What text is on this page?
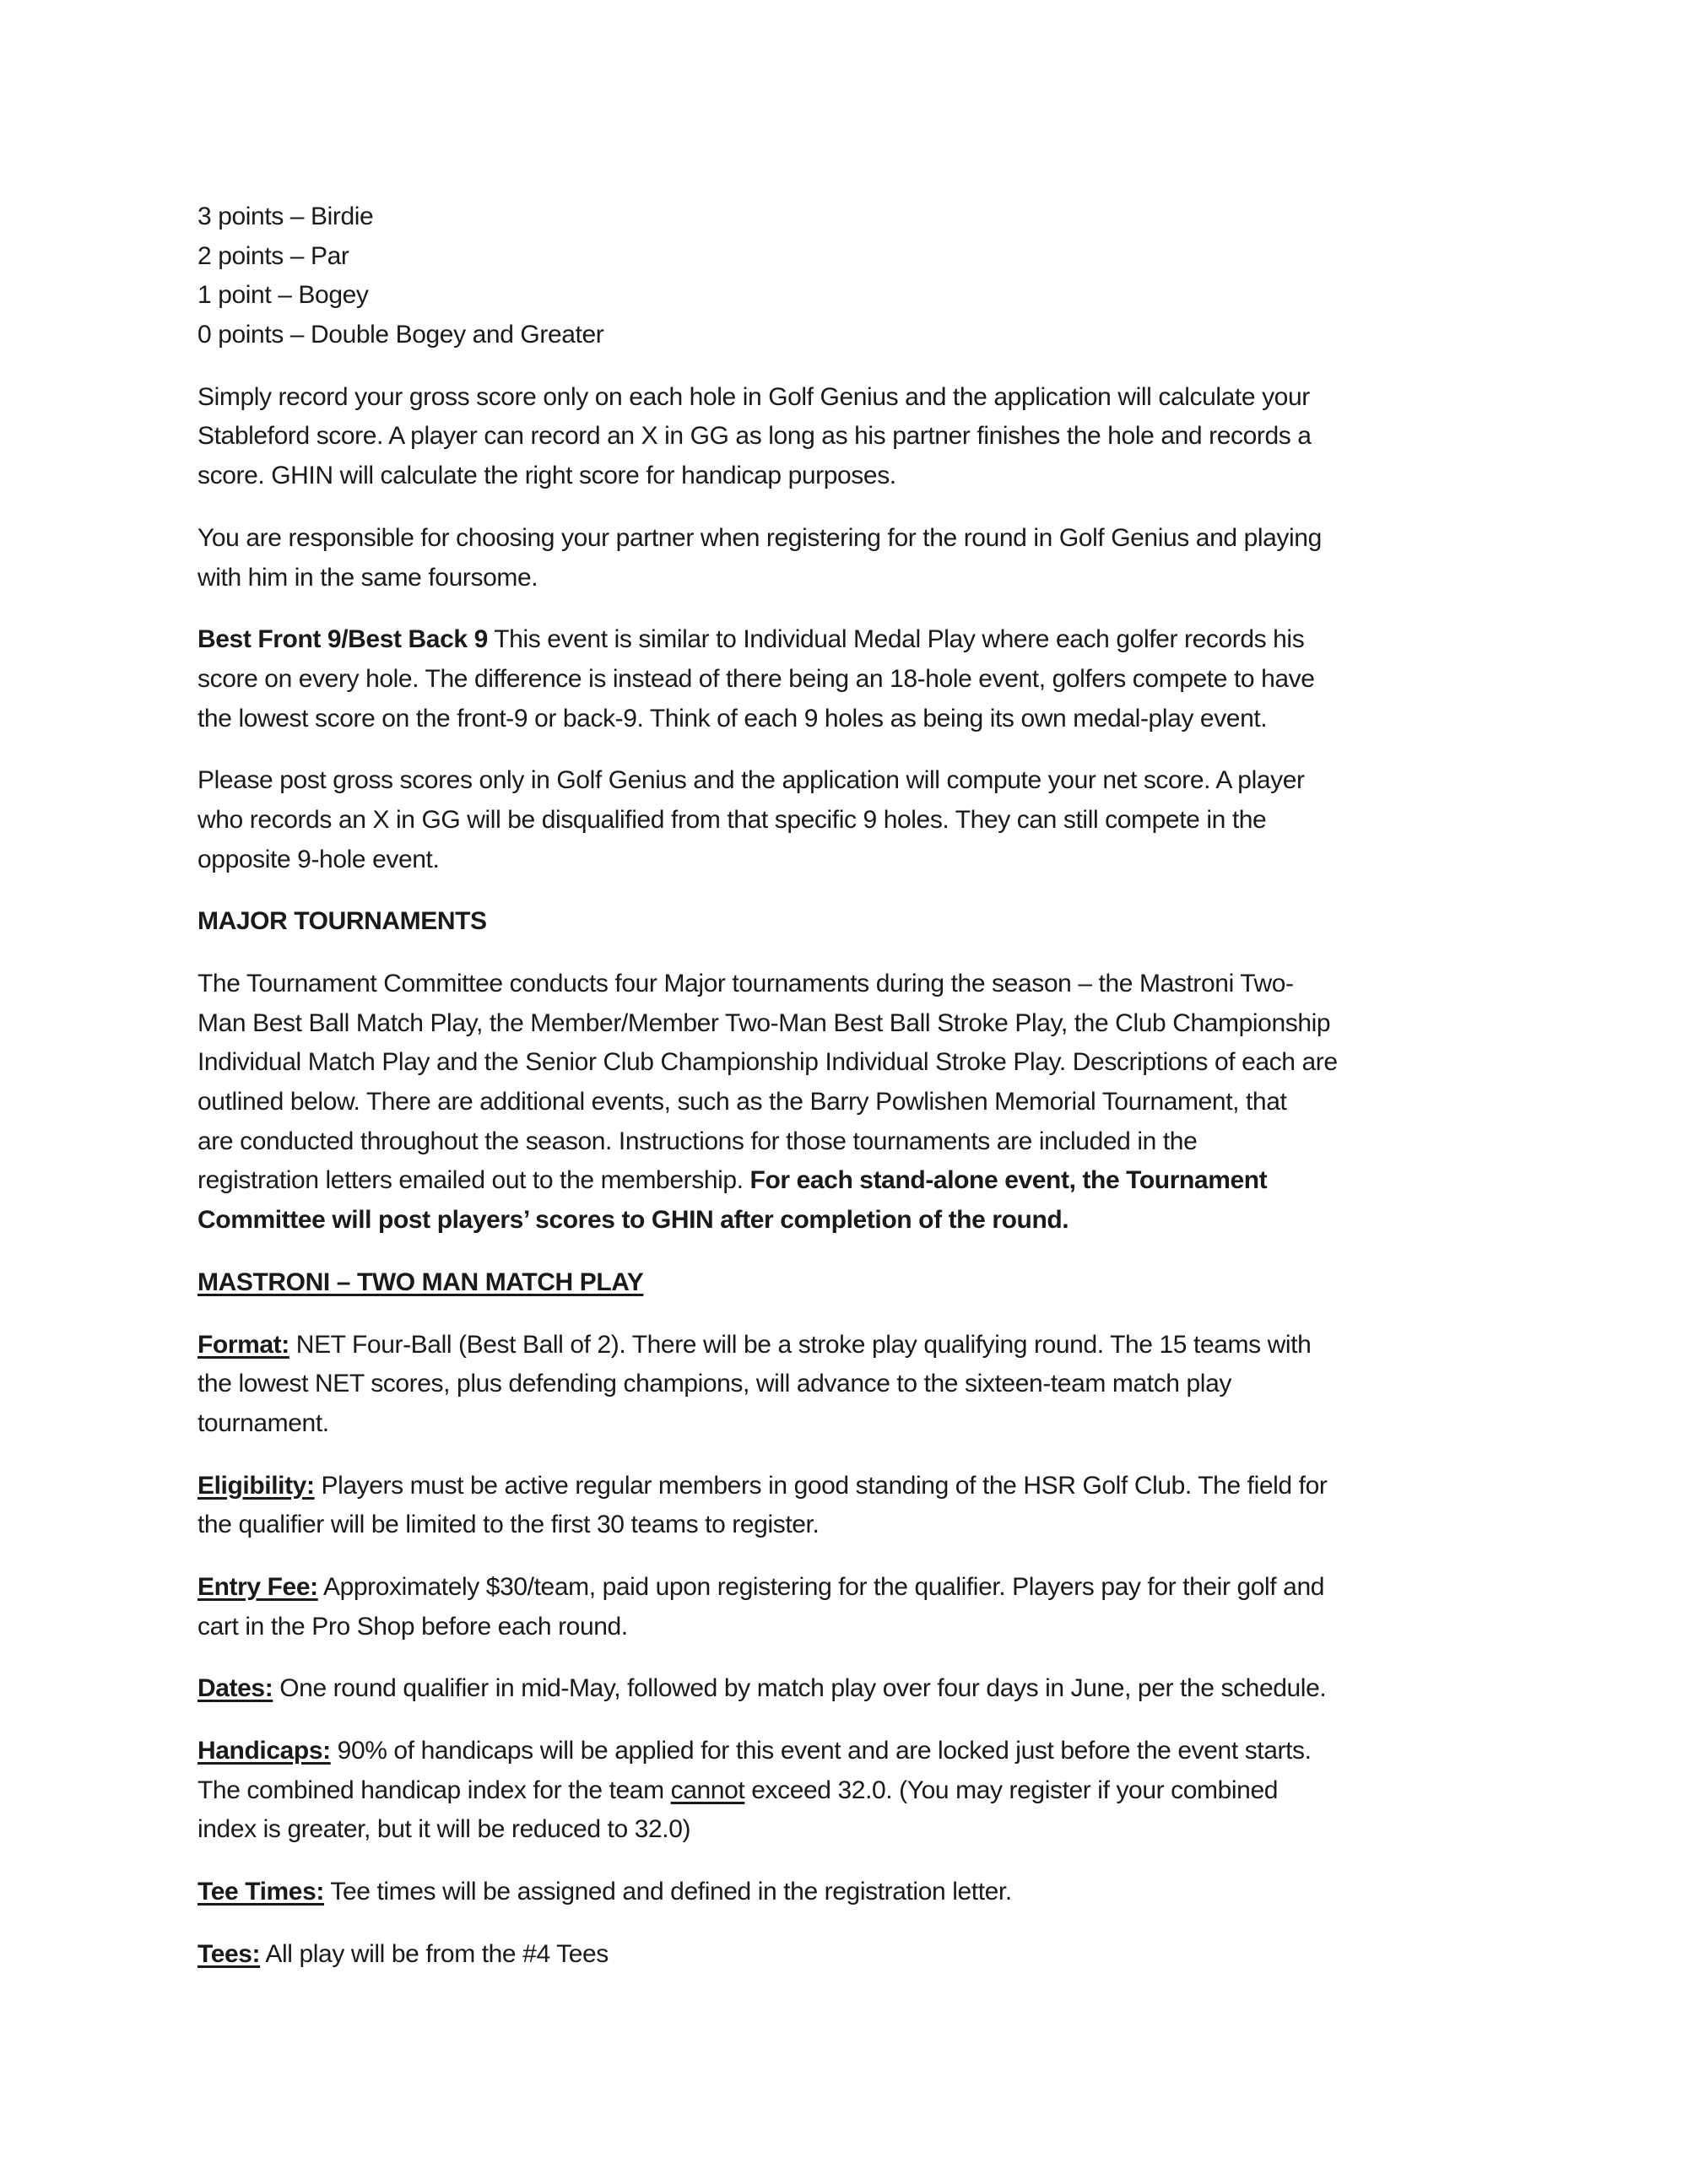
3 points – Birdie
2 points – Par
1 point – Bogey
0 points – Double Bogey and Greater
Simply record your gross score only on each hole in Golf Genius and the application will calculate your
Stableford score. A player can record an X in GG as long as his partner finishes the hole and records a
score. GHIN will calculate the right score for handicap purposes.
You are responsible for choosing your partner when registering for the round in Golf Genius and playing
with him in the same foursome.
Best Front 9/Best Back 9 This event is similar to Individual Medal Play where each golfer records his
score on every hole. The difference is instead of there being an 18-hole event, golfers compete to have
the lowest score on the front-9 or back-9. Think of each 9 holes as being its own medal-play event.
Please post gross scores only in Golf Genius and the application will compute your net score. A player
who records an X in GG will be disqualified from that specific 9 holes. They can still compete in the
opposite 9-hole event.
MAJOR TOURNAMENTS
The Tournament Committee conducts four Major tournaments during the season – the Mastroni Two-
Man Best Ball Match Play, the Member/Member Two-Man Best Ball Stroke Play, the Club Championship
Individual Match Play and the Senior Club Championship Individual Stroke Play. Descriptions of each are
outlined below. There are additional events, such as the Barry Powlishen Memorial Tournament, that
are conducted throughout the season. Instructions for those tournaments are included in the
registration letters emailed out to the membership. For each stand-alone event, the Tournament
Committee will post players’ scores to GHIN after completion of the round.
MASTRONI – TWO MAN MATCH PLAY
Format: NET Four-Ball (Best Ball of 2). There will be a stroke play qualifying round. The 15 teams with
the lowest NET scores, plus defending champions, will advance to the sixteen-team match play
tournament.
Eligibility: Players must be active regular members in good standing of the HSR Golf Club. The field for
the qualifier will be limited to the first 30 teams to register.
Entry Fee: Approximately $30/team, paid upon registering for the qualifier. Players pay for their golf and
cart in the Pro Shop before each round.
Dates: One round qualifier in mid-May, followed by match play over four days in June, per the schedule.
Handicaps: 90% of handicaps will be applied for this event and are locked just before the event starts.
The combined handicap index for the team cannot exceed 32.0. (You may register if your combined
index is greater, but it will be reduced to 32.0)
Tee Times: Tee times will be assigned and defined in the registration letter.
Tees: All play will be from the #4 Tees
